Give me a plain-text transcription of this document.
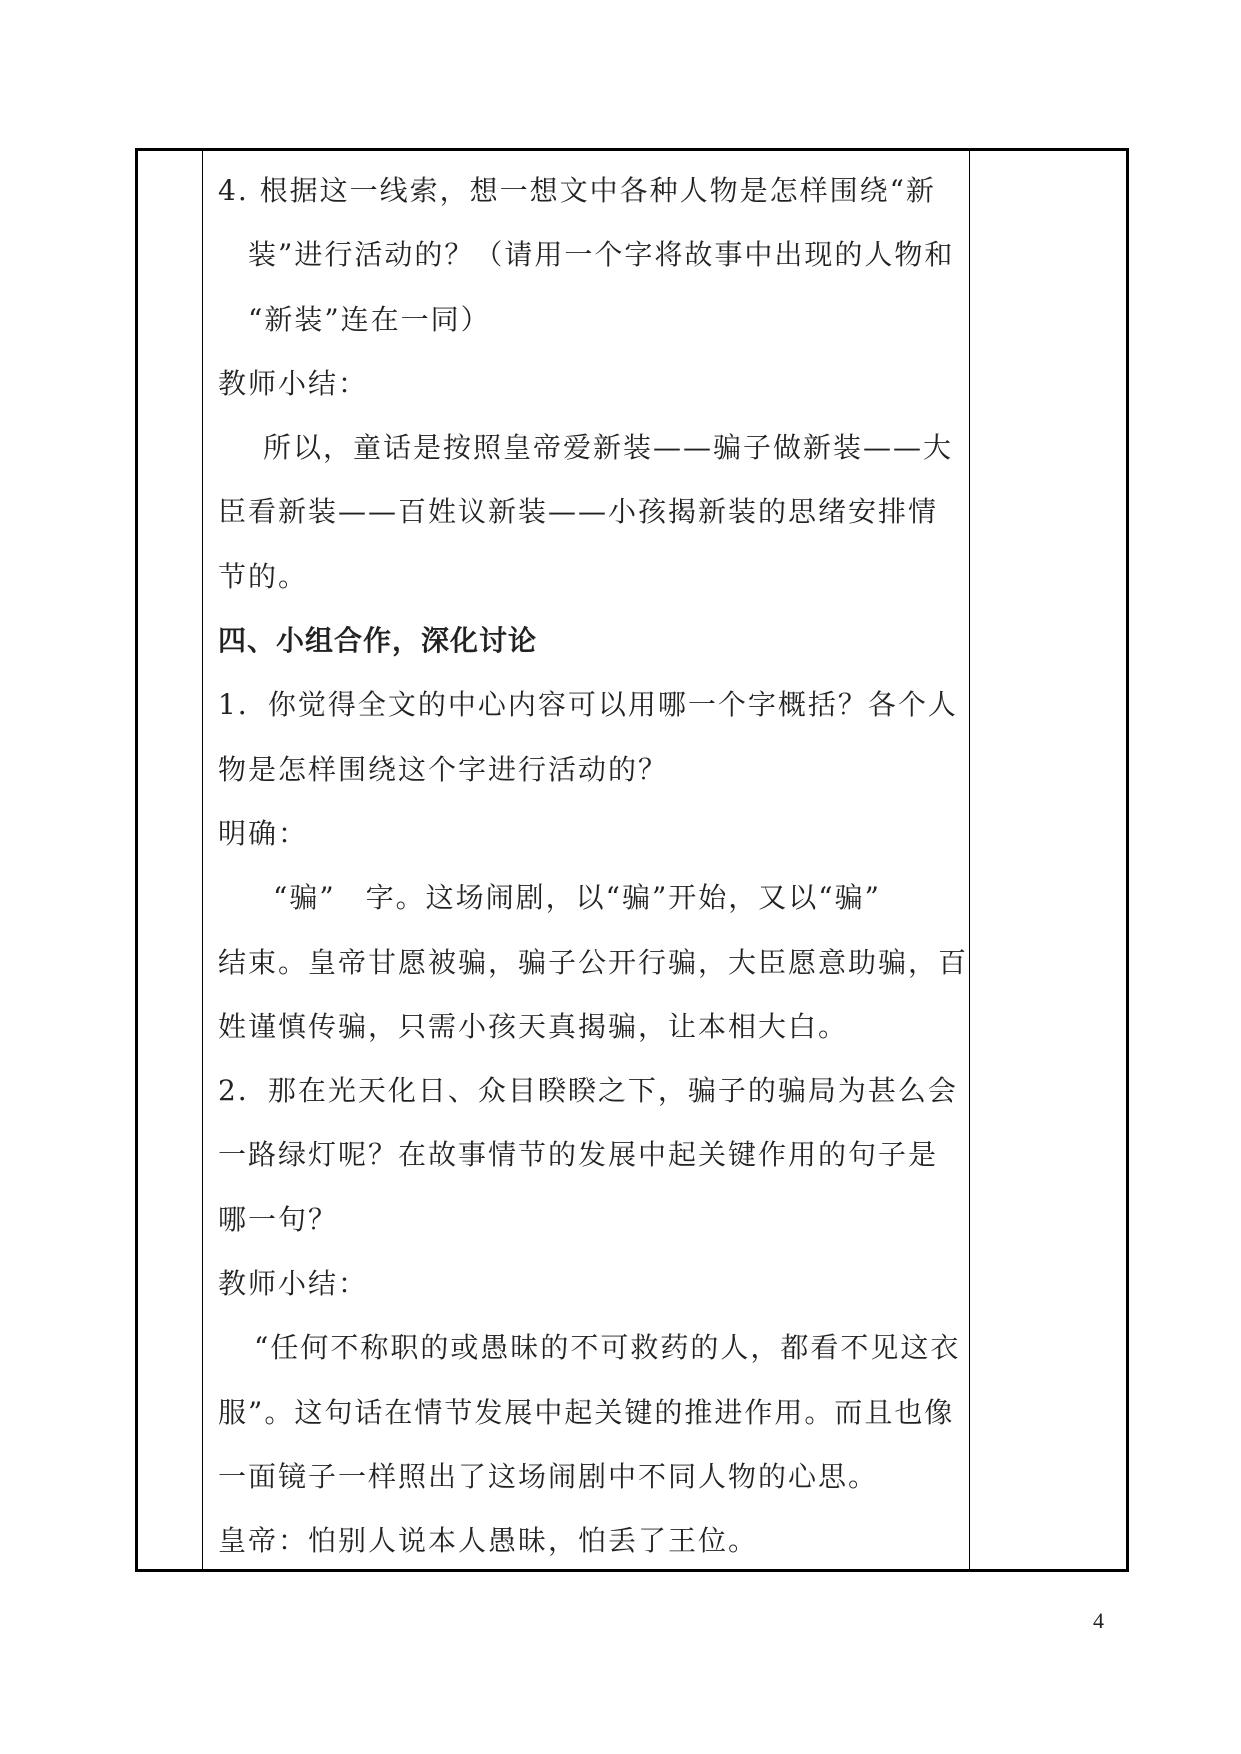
4. 根据这一线索，想一想文中各种人物是怎样围绕“新
装”进行活动的？（请用一个字将故事中出现的人物和
“新装”连在一同）
教师小结：
所以，童话是按照皇帝爱新装——骗子做新装——大
臣看新装——百姓议新装——小孩揭新装的思绪安排情
节的。
四、小组合作，深化讨论
1．你觉得全文的中心内容可以用哪一个字概括？各个人
物是怎样围绕这个字进行活动的？
明确：
“骗”　字。这场闹剧，以“骗”开始，又以“骗”
结束。皇帝甘愿被骗，骗子公开行骗，大臣愿意助骗，百
姓谨慎传骗，只需小孩天真揭骗，让本相大白。
2．那在光天化日、众目睽睽之下，骗子的骗局为甚么会
一路绿灯呢？在故事情节的发展中起关键作用的句子是
哪一句？
教师小结：
“任何不称职的或愚昧的不可救药的人，都看不见这衣
服”。这句话在情节发展中起关键的推进作用。而且也像
一面镜子一样照出了这场闹剧中不同人物的心思。
皇帝：怕别人说本人愚昧，怕丢了王位。
4
